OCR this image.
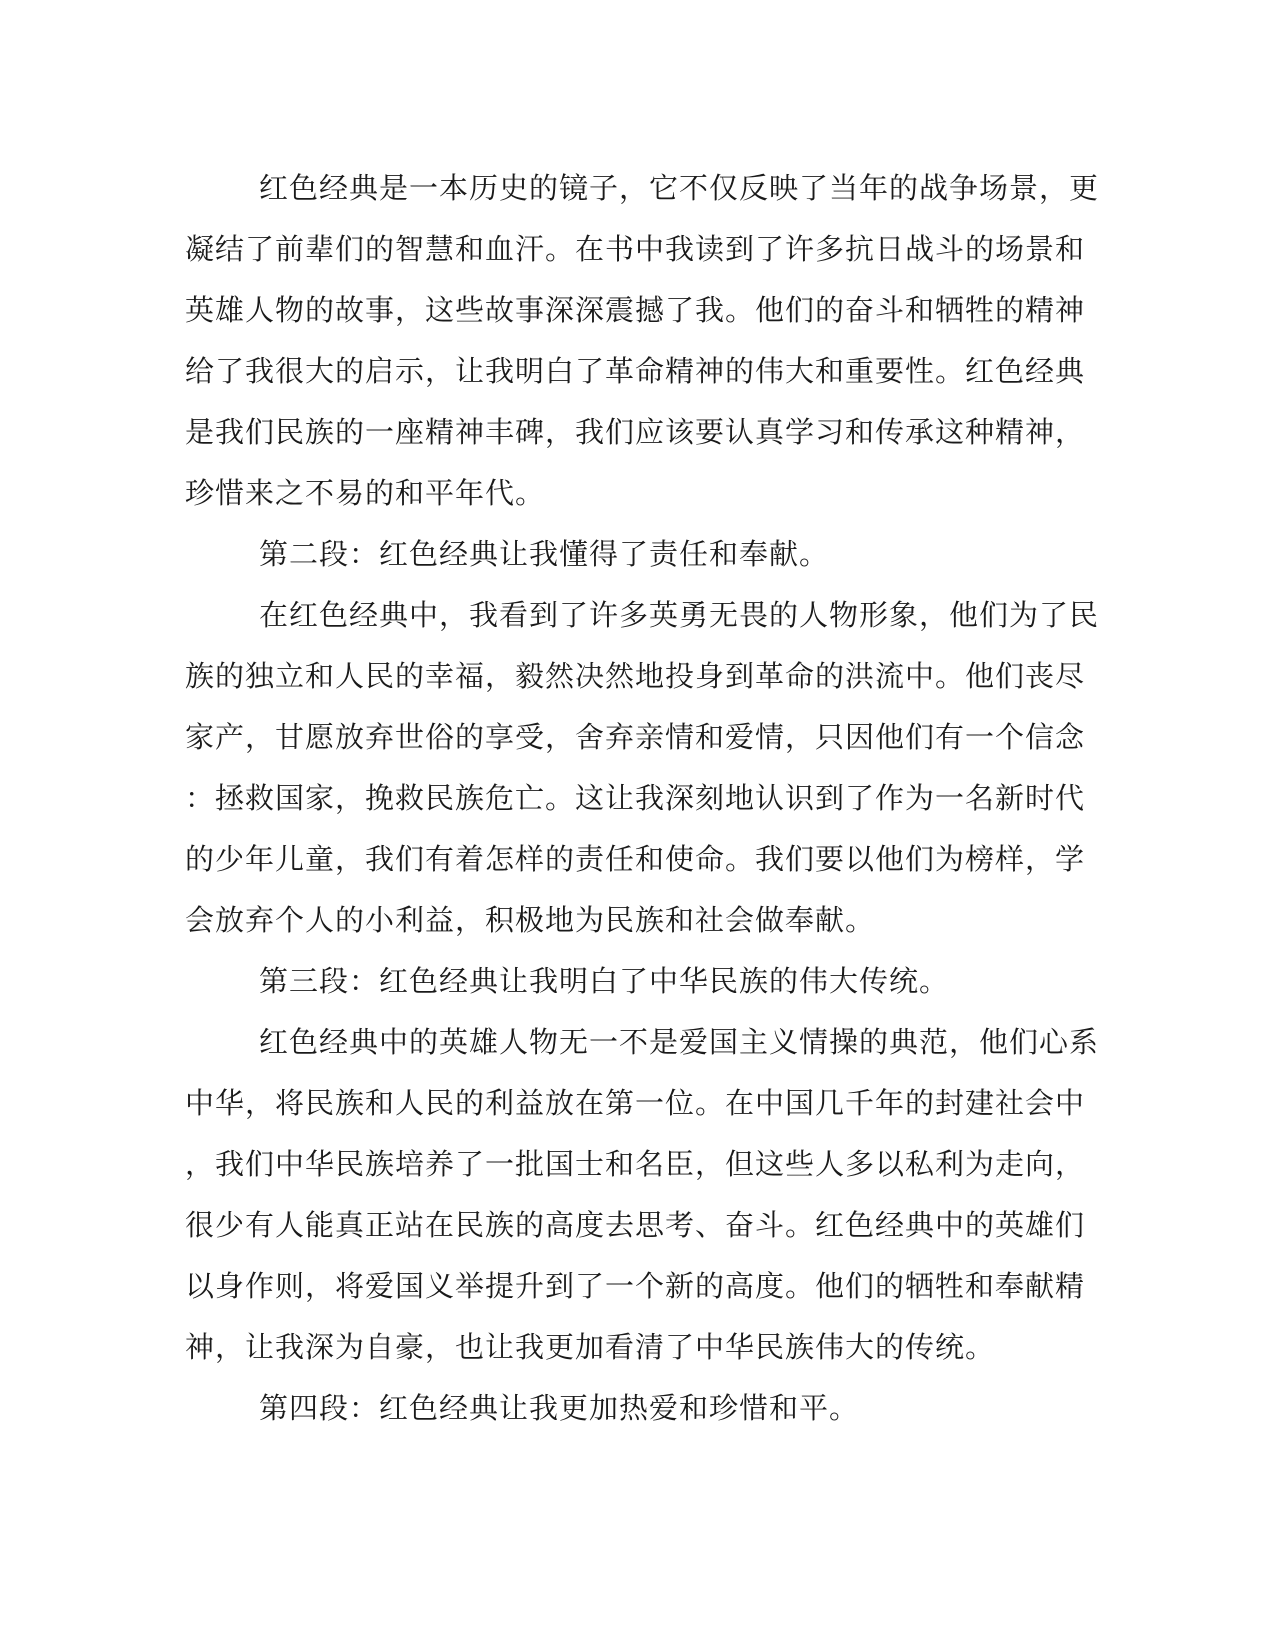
红色经典是一本历史的镜子，它不仅反映了当年的战争场景，更
凝结了前辈们的智慧和血汗。在书中我读到了许多抗日战斗的场景和
英雄人物的故事，这些故事深深震撼了我。他们的奋斗和牺牲的精神
给了我很大的启示，让我明白了革命精神的伟大和重要性。红色经典
是我们民族的一座精神丰碑，我们应该要认真学习和传承这种精神，
珍惜来之不易的和平年代。
第二段：红色经典让我懂得了责任和奉献。
在红色经典中，我看到了许多英勇无畏的人物形象，他们为了民
族的独立和人民的幸福，毅然决然地投身到革命的洪流中。他们丧尽
家产，甘愿放弃世俗的享受，舍弃亲情和爱情，只因他们有一个信念
：拯救国家，挽救民族危亡。这让我深刻地认识到了作为一名新时代
的少年儿童，我们有着怎样的责任和使命。我们要以他们为榜样，学
会放弃个人的小利益，积极地为民族和社会做奉献。
第三段：红色经典让我明白了中华民族的伟大传统。
红色经典中的英雄人物无一不是爱国主义情操的典范，他们心系
中华，将民族和人民的利益放在第一位。在中国几千年的封建社会中
，我们中华民族培养了一批国士和名臣，但这些人多以私利为走向，
很少有人能真正站在民族的高度去思考、奋斗。红色经典中的英雄们
以身作则，将爱国义举提升到了一个新的高度。他们的牺牲和奉献精
神，让我深为自豪，也让我更加看清了中华民族伟大的传统。
第四段：红色经典让我更加热爱和珍惜和平。
